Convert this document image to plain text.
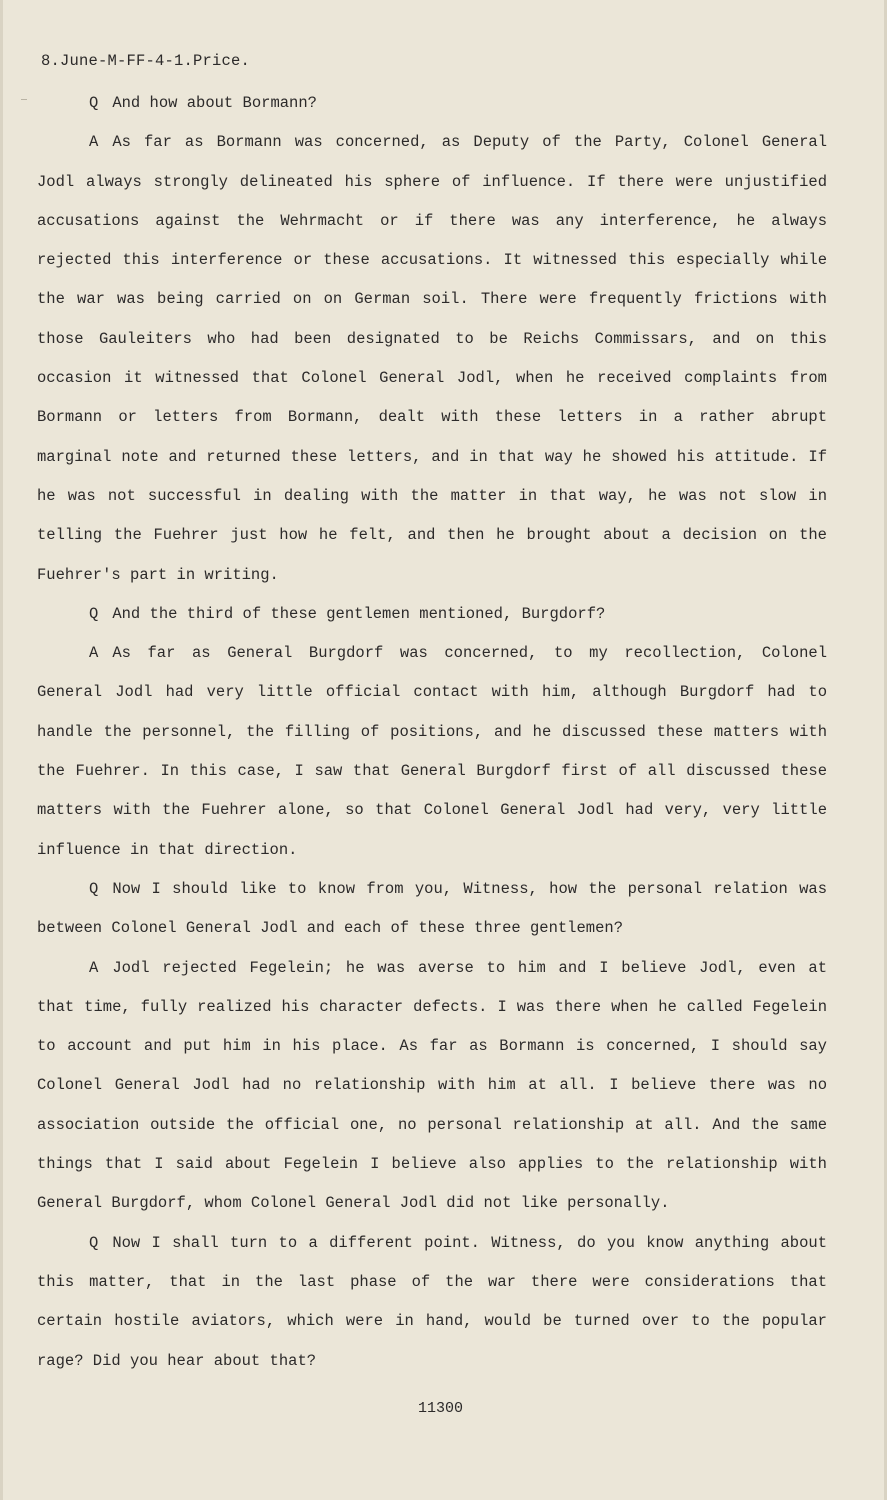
8.June-M-FF-4-1.Price.

Q And how about Bormann?

A As far as Bormann was concerned, as Deputy of the Party, Colonel General Jodl always strongly delineated his sphere of influence. If there were unjustified accusations against the Wehrmacht or if there was any interference, he always rejected this interference or these accusations. It witnessed this especially while the war was being carried on on German soil. There were frequently frictions with those Gauleiters who had been designated to be Reichs Commissars, and on this occasion it witnessed that Colonel General Jodl, when he received complaints from Bormann or letters from Bormann, dealt with these letters in a rather abrupt marginal note and returned these letters, and in that way he showed his attitude. If he was not successful in dealing with the matter in that way, he was not slow in telling the Fuehrer just how he felt, and then he brought about a decision on the Fuehrer's part in writing.

Q And the third of these gentlemen mentioned, Burgdorf?

A As far as General Burgdorf was concerned, to my recollection, Colonel General Jodl had very little official contact with him, although Burgdorf had to handle the personnel, the filling of positions, and he discussed these matters with the Fuehrer. In this case, I saw that General Burgdorf first of all discussed these matters with the Fuehrer alone, so that Colonel General Jodl had very, very little influence in that direction.

Q Now I should like to know from you, Witness, how the personal relation was between Colonel General Jodl and each of these three gentlemen?

A Jodl rejected Fegelein; he was averse to him and I believe Jodl, even at that time, fully realized his character defects. I was there when he called Fegelein to account and put him in his place. As far as Bormann is concerned, I should say Colonel General Jodl had no relationship with him at all. I believe there was no association outside the official one, no personal relationship at all. And the same things that I said about Fegelein I believe also applies to the relationship with General Burgdorf, whom Colonel General Jodl did not like personally.

Q Now I shall turn to a different point. Witness, do you know anything about this matter, that in the last phase of the war there were considerations that certain hostile aviators, which were in hand, would be turned over to the popular rage? Did you hear about that?

11300
